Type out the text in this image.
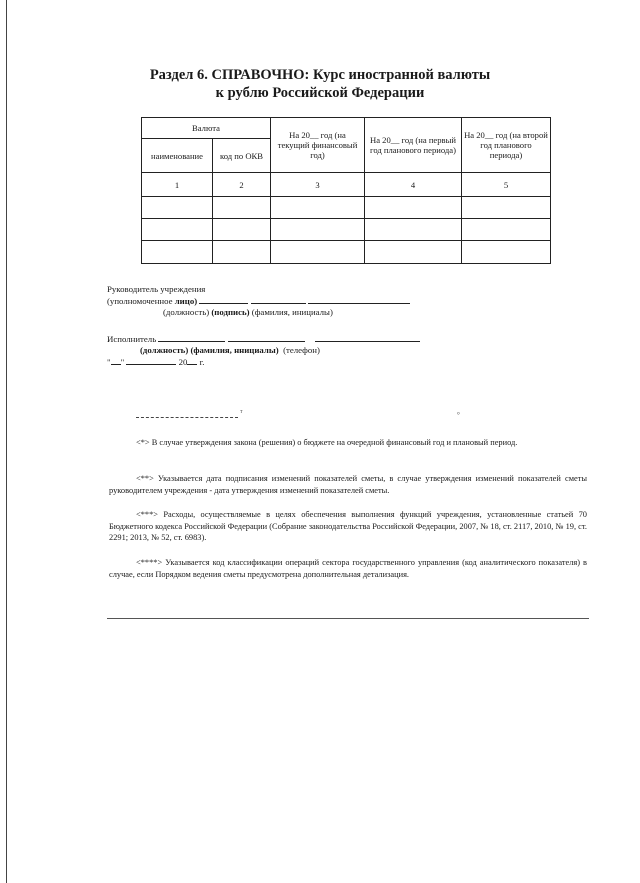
Раздел 6. СПРАВОЧНО: Курс иностранной валюты
к рублю Российской Федерации
Валюта		На 20__ год (на текущий финансовый год)	На 20__ год (на первый год планового периода)	На 20__ год (на второй год планового периода)
наименование	код по ОКВ			
1	2	3	4	5

Руководитель учреждения
(уполномоченное лицо)
(должность) (подпись) (фамилия, инициалы)
Исполнитель
(должность) (фамилия, ннициалы) (телефон)
" "	20 г.
ᵀ	°
<*> В случае утверждения закона (решения) о бюджете на очередной финансовый год и плановый период.
<**> Указывается дата подписания изменений показателей сметы, в случае утверждения изменений показателей сметы руководителем учреждения - дата утверждения изменений показателей сметы.
<***> Расходы, осуществляемые в целях обеспечения выполнения функций учреждения, установленные статьей 70 Бюджетного кодекса Российской Федерации (Собрание законодательства Российской Федерации, 2007, № 18, ст. 2117, 2010, № 19, ст. 2291; 2013, № 52, ст. 6983).
<****> Указывается код классификации операций сектора государственного управления (код аналитического показателя) в случае, если Порядком ведения сметы предусмотрена дополнительная детализация.
